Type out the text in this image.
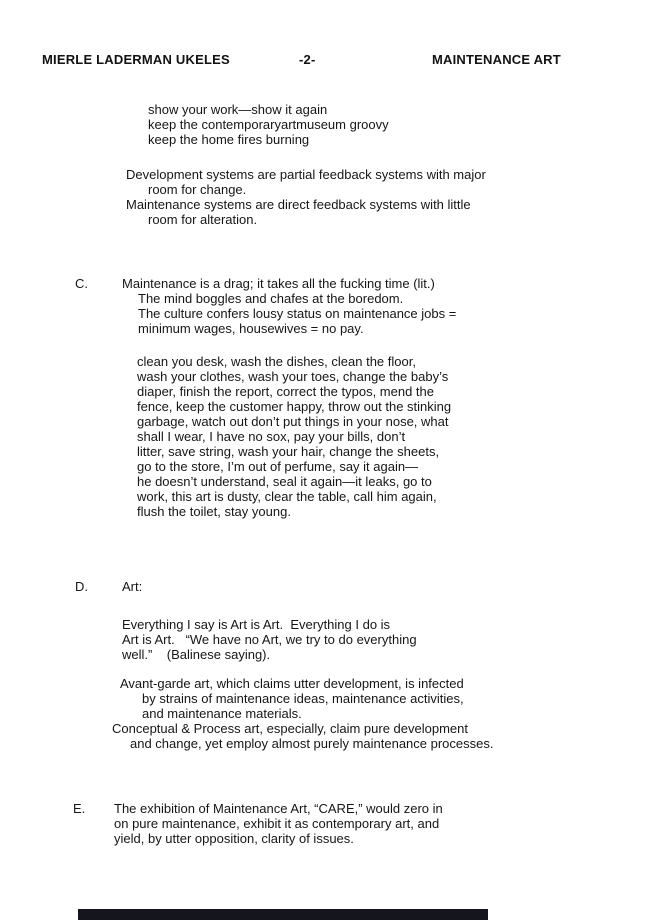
MIERLE LADERMAN UKELES	-2-	MAINTENANCE ART
show your work—show it again
keep the contemporaryartmuseum groovy
keep the home fires burning
Development systems are partial feedback systems with major
room for change.
Maintenance systems are direct feedback systems with little
room for alteration.
C.	Maintenance is a drag; it takes all the fucking time (lit.)
The mind boggles and chafes at the boredom.
The culture confers lousy status on maintenance jobs =
minimum wages, housewives = no pay.
clean you desk, wash the dishes, clean the floor,
wash your clothes, wash your toes, change the baby’s
diaper, finish the report, correct the typos, mend the
fence, keep the customer happy, throw out the stinking
garbage, watch out don’t put things in your nose, what
shall I wear, I have no sox, pay your bills, don’t
litter, save string, wash your hair, change the sheets,
go to the store, I’m out of perfume, say it again—
he doesn’t understand, seal it again—it leaks, go to
work, this art is dusty, clear the table, call him again,
flush the toilet, stay young.
D.	Art:
Everything I say is Art is Art.  Everything I do is
Art is Art.   “We have no Art, we try to do everything
well.”    (Balinese saying).
Avant-garde art, which claims utter development, is infected
by strains of maintenance ideas, maintenance activities,
and maintenance materials.
Conceptual & Process art, especially, claim pure development
and change, yet employ almost purely maintenance processes.
E. The exhibition of Maintenance Art, “CARE,” would zero in
on pure maintenance, exhibit it as contemporary art, and
yield, by utter opposition, clarity of issues.
